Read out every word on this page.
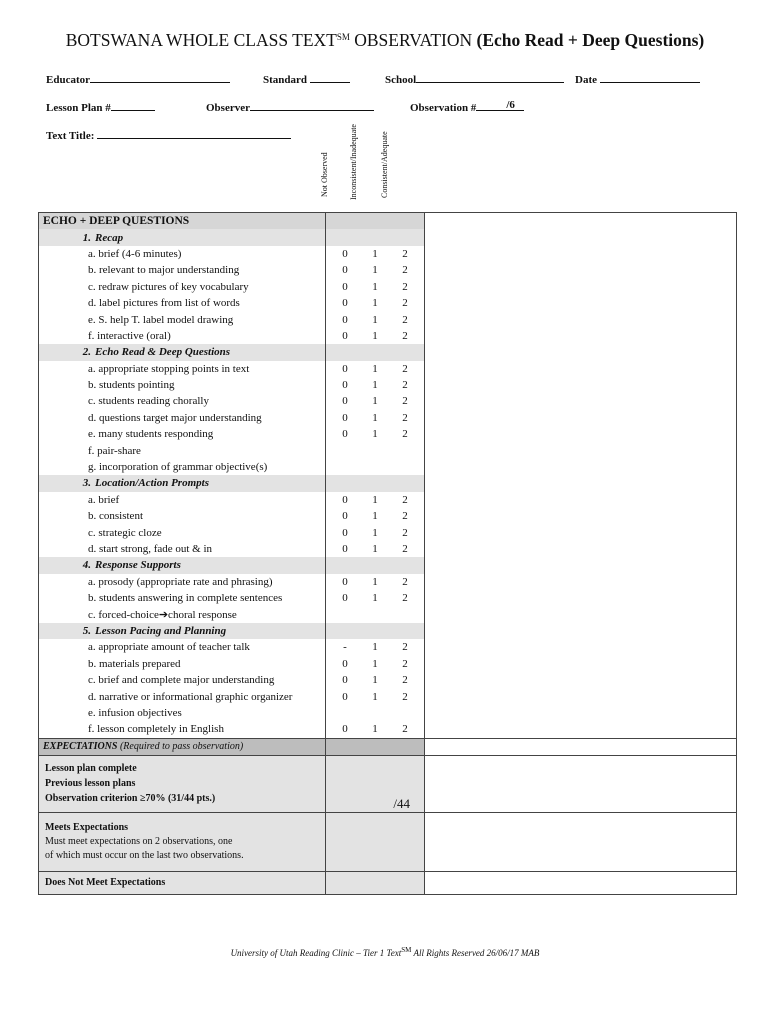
BOTSWANA WHOLE CLASS TEXT℠ OBSERVATION (Echo Read + Deep Questions)
Educator	Standard	School	Date
Lesson Plan #	Observer	Observation #	/6
Text Title:
Not Observed	Inconsistent/Inadequate	Consistent/Adequate
ECHO + DEEP QUESTIONS		
1. Recap		

a. brief (4-6 minutes)	0 1 2	

b. relevant to major understanding	0 1 2	

c. redraw pictures of key vocabulary	0 1 2	

d. label pictures from list of words	0 1 2	

e. S. help T. label model drawing	0 1 2	

f. interactive (oral)	0 1 2	

2. Echo Read & Deep Questions		

a. appropriate stopping points in text	0 1 2	

b. students pointing	0 1 2	

c. students reading chorally	0 1 2	

d. questions target major understanding	0 1 2	

e. many students responding	0 1 2	

f. pair-share		

g. incorporation of grammar objective(s)		

3. Location/Action Prompts		

a. brief	0 1 2	

b. consistent	0 1 2	

c. strategic cloze	0 1 2	

d. start strong, fade out & in	0 1 2	

4. Response Supports		

a. prosody (appropriate rate and phrasing)	0 1 2	

b. students answering in complete sentences	0 1 2	

c. forced-choice➔choral response		

5. Lesson Pacing and Planning		

a. appropriate amount of teacher talk	- 1 2	

b. materials prepared	0 1 2	

c. brief and complete major understanding	0 1 2	

d. narrative or informational graphic organizer	0 1 2	

e. infusion objectives		

f. lesson completely in English	0 1 2	

EXPECTATIONS (Required to pass observation)		

Lesson plan complete
Previous lesson plans
Observation criterion ≥70% (31/44 pts.)	/44	

Meets Expectations
Must meet expectations on 2 observations, one
of which must occur on the last two observations.		

Does Not Meet Expectations		

University of Utah Reading Clinic – Tier 1 Text℠ All Rights Reserved 26/06/17 MAB
